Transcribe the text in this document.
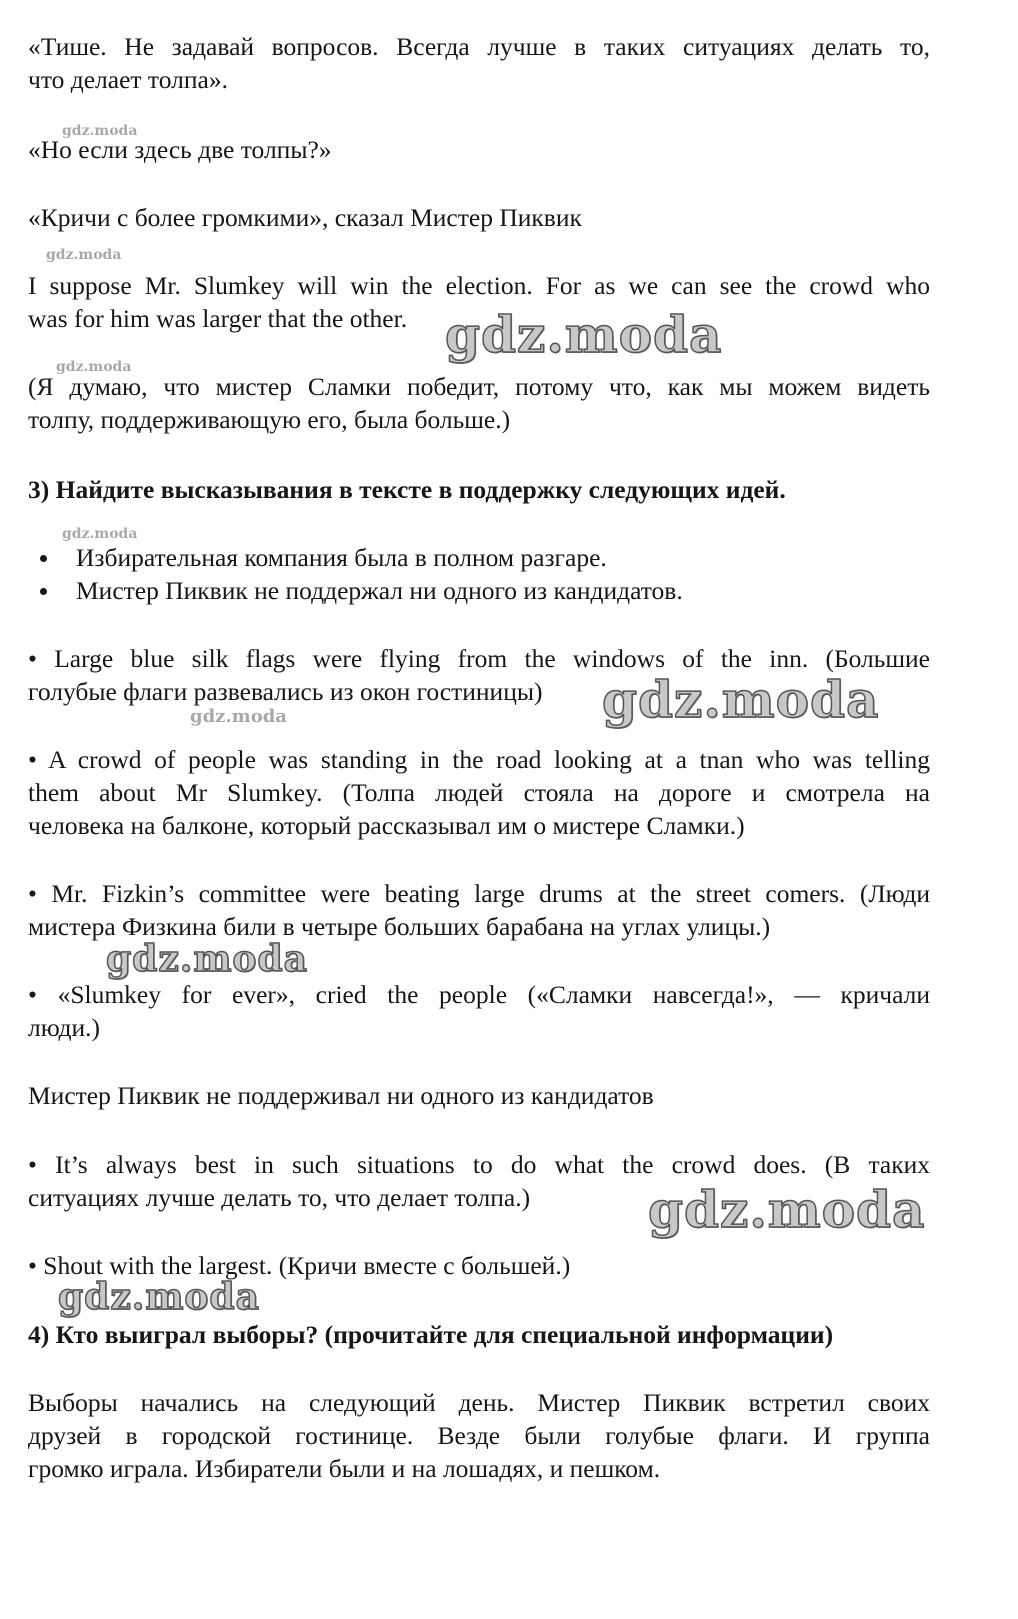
«Тише. Не задавай вопросов. Всегда лучше в таких ситуациях делать то,
что делает толпа».

«Но если здесь две толпы?»

«Кричи с более громкими», сказал Мистер Пиквик

I suppose Mr. Slumkey will win the election. For as we can see the crowd who
was for him was larger that the other.

(Я думаю, что мистер Сламки победит, потому что, как мы можем видеть
толпу, поддерживающую его, была больше.)

3) Найдите высказывания в тексте в поддержку следующих идей.

Избирательная компания была в полном разгаре.
Мистер Пиквик не поддержал ни одного из кандидатов.

• Large blue silk flags were flying from the windows of the inn. (Большие
голубые флаги развевались из окон гостиницы)

• A crowd of people was standing in the road looking at a tnan who was telling
them about Mr Slumkey. (Толпа людей стояла на дороге и смотрела на
человека на балконе, который рассказывал им о мистере Сламки.)

• Mr. Fizkin’s committee were beating large drums at the street comers. (Люди
мистера Физкина били в четыре больших барабана на углах улицы.)

• «Slumkey for ever», cried the people («Сламки навсегда!», — кричали
люди.)

Мистер Пиквик не поддерживал ни одного из кандидатов

• It’s always best in such situations to do what the crowd does. (В таких
ситуациях лучше делать то, что делает толпа.)

• Shout with the largest. (Кричи вместе с большей.)

4) Кто выиграл выборы? (прочитайте для специальной информации)

Выборы начались на следующий день. Мистер Пиквик встретил своих
друзей в городской гостинице. Везде были голубые флаги. И группа
громко играла. Избиратели были и на лошадях, и пешком.

gdz.moda
gdz.moda
gdz.moda
gdz.moda
gdz.moda
gdz.moda
gdz.moda
gdz.moda
gdz.moda
gdz.moda
